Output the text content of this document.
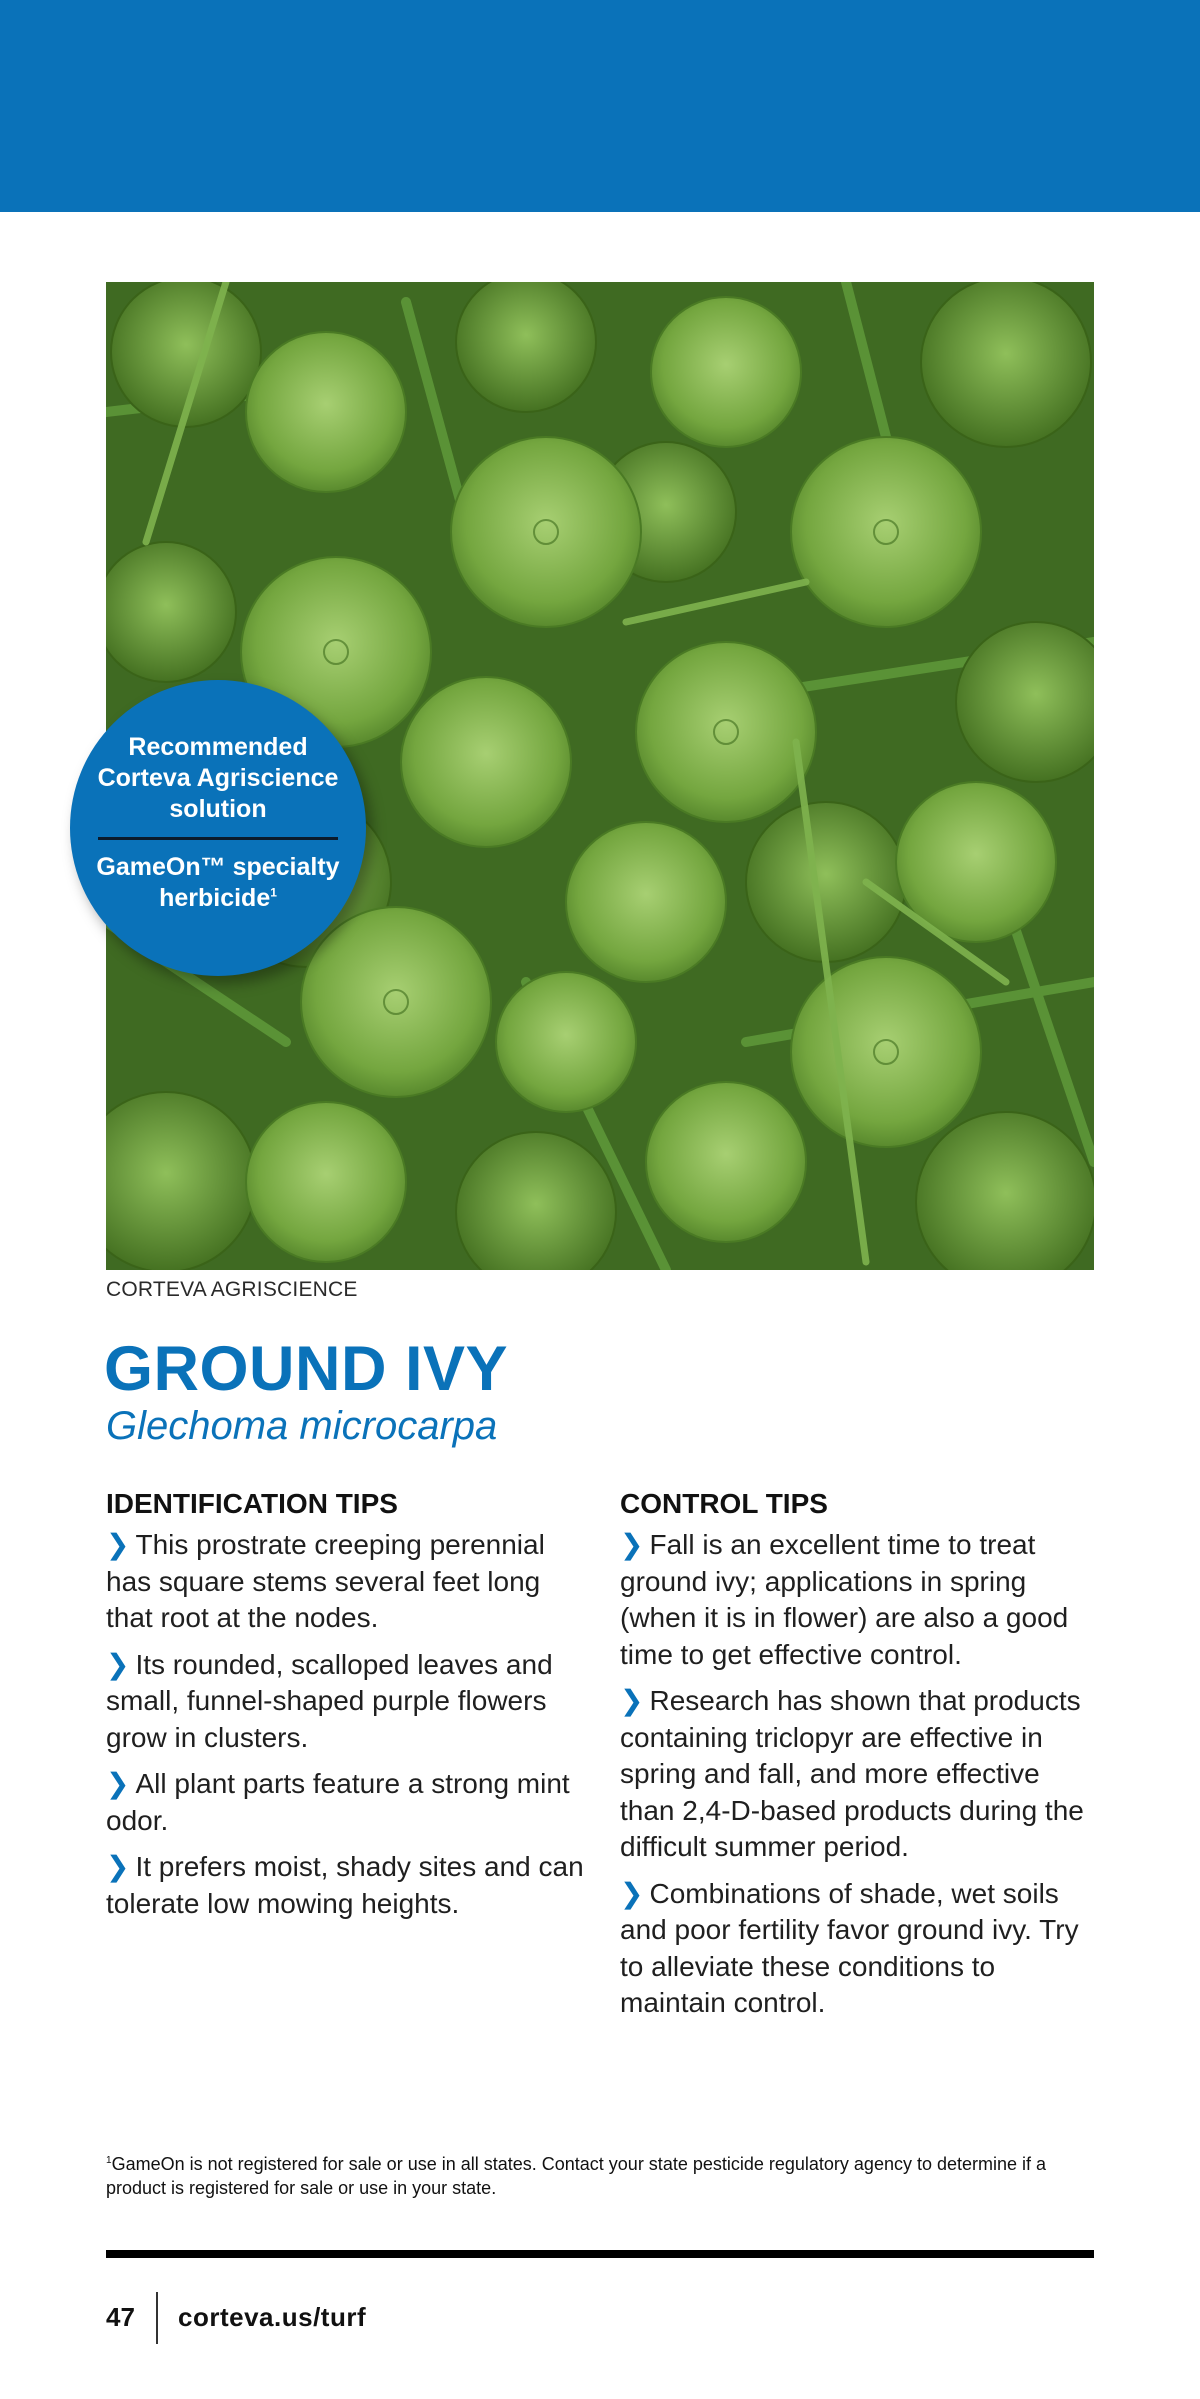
Recommended
Corteva Agriscience
solution
GameOn™ specialty
herbicide$^1$
CORTEVA AGRISCIENCE
GROUND IVY
Glechoma microcarpa
IDENTIFICATION TIPS

❯ This prostrate creeping perennial has square stems several feet long that root at the nodes.

❯ Its rounded, scalloped leaves and small, funnel-shaped purple flowers grow in clusters.

❯ All plant parts feature a strong mint odor.

❯ It prefers moist, shady sites and can tolerate low mowing heights.

CONTROL TIPS

❯ Fall is an excellent time to treat ground ivy; applications in spring (when it is in flower) are also a good time to get effective control.

❯ Research has shown that products containing triclopyr are effective in spring and fall, and more effective than 2,4-D-based products during the difficult summer period.

❯ Combinations of shade, wet soils and poor fertility favor ground ivy. Try to alleviate these conditions to maintain control.

$^1$GameOn is not registered for sale or use in all states. Contact your state pesticide regulatory agency to determine if a product is registered for sale or use in your state.
47 corteva.us/turf
